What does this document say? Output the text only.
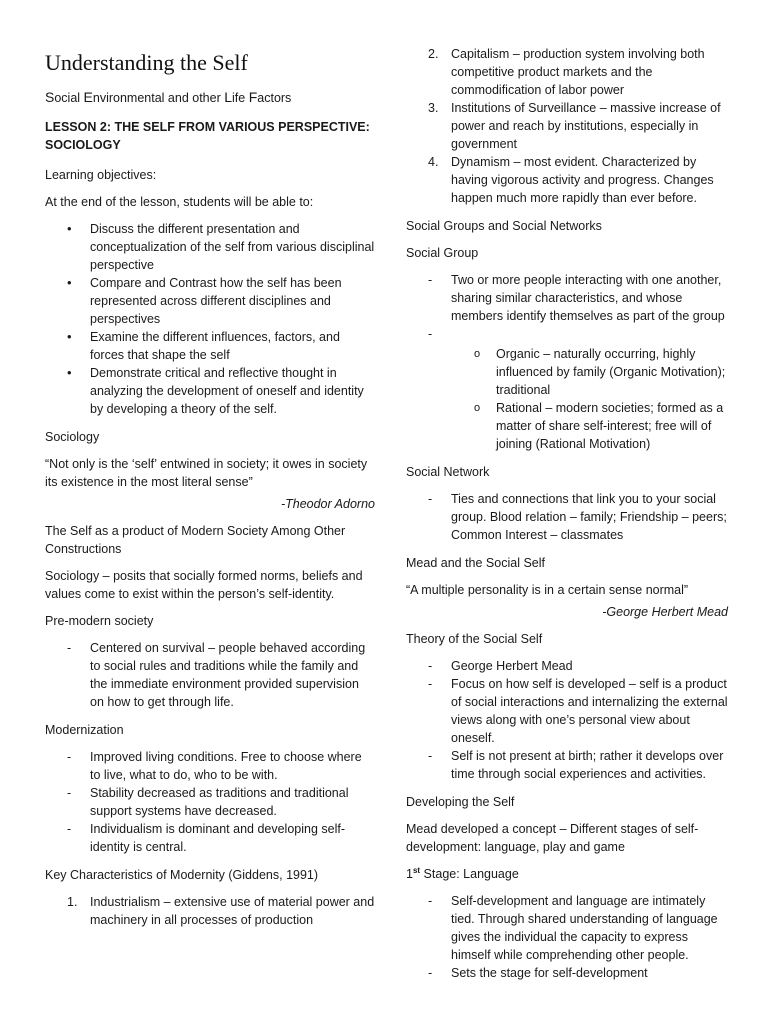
Understanding the Self

Social Environmental and other Life Factors

LESSON 2: THE SELF FROM VARIOUS PERSPECTIVE: SOCIOLOGY

Learning objectives:

At the end of the lesson, students will be able to:

• Discuss the different presentation and conceptualization of the self from various disciplinal perspective
• Compare and Contrast how the self has been represented across different disciplines and perspectives
• Examine the different influences, factors, and forces that shape the self
• Demonstrate critical and reflective thought in analyzing the development of oneself and identity by developing a theory of the self.

Sociology

“Not only is the ‘self’ entwined in society; it owes in society its existence in the most literal sense”

-Theodor Adorno

The Self as a product of Modern Society Among Other Constructions

Sociology – posits that socially formed norms, beliefs and values come to exist within the person’s self-identity.

Pre-modern society

- Centered on survival – people behaved according to social rules and traditions while the family and the immediate environment provided supervision on how to get through life.

Modernization

- Improved living conditions. Free to choose where to live, what to do, who to be with.
- Stability decreased as traditions and traditional support systems have decreased.
- Individualism is dominant and developing self-identity is central.

Key Characteristics of Modernity (Giddens, 1991)

1. Industrialism – extensive use of material power and machinery in all processes of production
2. Capitalism – production system involving both competitive product markets and the commodification of labor power
3. Institutions of Surveillance – massive increase of power and reach by institutions, especially in government
4. Dynamism – most evident. Characterized by having vigorous activity and progress. Changes happen much more rapidly than ever before.

Social Groups and Social Networks

Social Group

- Two or more people interacting with one another, sharing similar characteristics, and whose members identify themselves as part of the group
-
o Organic – naturally occurring, highly influenced by family (Organic Motivation); traditional
o Rational – modern societies; formed as a matter of share self-interest; free will of joining (Rational Motivation)

Social Network

- Ties and connections that link you to your social group. Blood relation – family; Friendship – peers; Common Interest – classmates

Mead and the Social Self

“A multiple personality is in a certain sense normal”

-George Herbert Mead

Theory of the Social Self

- George Herbert Mead
- Focus on how self is developed – self is a product of social interactions and internalizing the external views along with one’s personal view about oneself.
- Self is not present at birth; rather it develops over time through social experiences and activities.

Developing the Self

Mead developed a concept – Different stages of self-development: language, play and game

1st Stage: Language

- Self-development and language are intimately tied. Through shared understanding of language gives the individual the capacity to express himself while comprehending other people.
- Sets the stage for self-development
